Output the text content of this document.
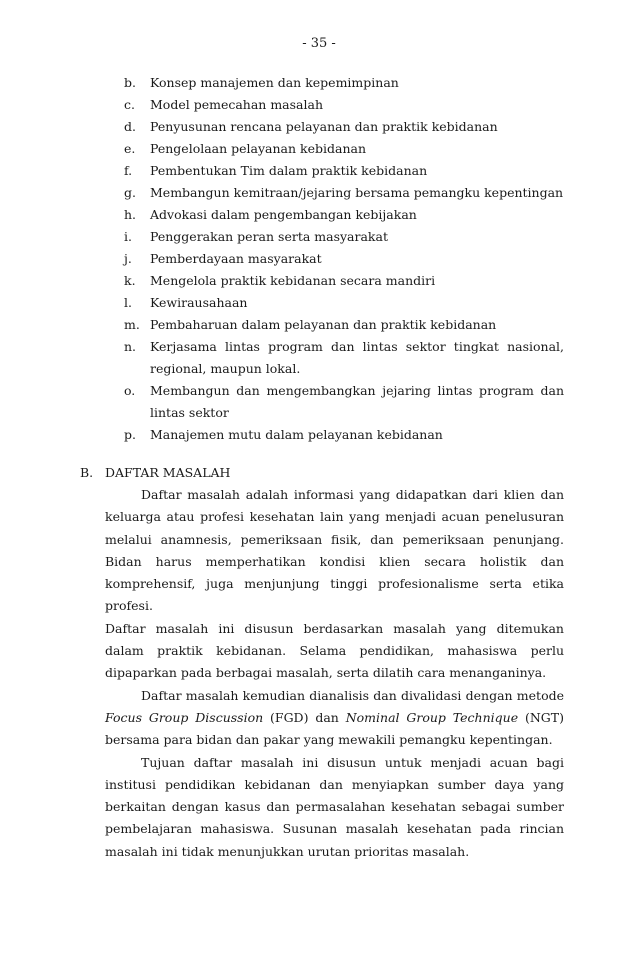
- 35 -
b. Konsep manajemen dan kepemimpinan
c. Model pemecahan masalah
d. Penyusunan rencana pelayanan dan praktik kebidanan
e. Pengelolaan pelayanan kebidanan
f. Pembentukan Tim dalam praktik kebidanan
g. Membangun kemitraan/jejaring bersama pemangku kepentingan
h. Advokasi dalam pengembangan kebijakan
i. Penggerakan peran serta masyarakat
j. Pemberdayaan masyarakat
k. Mengelola praktik kebidanan secara mandiri
l. Kewirausahaan
m. Pembaharuan dalam pelayanan dan praktik kebidanan
n. Kerjasama lintas program dan lintas sektor tingkat nasional, regional, maupun lokal.
o. Membangun dan mengembangkan jejaring lintas program dan lintas sektor
p. Manajemen mutu dalam pelayanan kebidanan
B. DAFTAR MASALAH

Daftar masalah adalah informasi yang didapatkan dari klien dan keluarga atau profesi kesehatan lain yang menjadi acuan penelusuran melalui anamnesis, pemeriksaan fisik, dan pemeriksaan penunjang. Bidan harus memperhatikan kondisi klien secara holistik dan komprehensif, juga menjunjung tinggi profesionalisme serta etika profesi.

Daftar masalah ini disusun berdasarkan masalah yang ditemukan dalam praktik kebidanan. Selama pendidikan, mahasiswa perlu dipaparkan pada berbagai masalah, serta dilatih cara menanganinya.

Daftar masalah kemudian dianalisis dan divalidasi dengan metode Focus Group Discussion (FGD) dan Nominal Group Technique (NGT) bersama para bidan dan pakar yang mewakili pemangku kepentingan.

Tujuan daftar masalah ini disusun untuk menjadi acuan bagi institusi pendidikan kebidanan dan menyiapkan sumber daya yang berkaitan dengan kasus dan permasalahan kesehatan sebagai sumber pembelajaran mahasiswa. Susunan masalah kesehatan pada rincian masalah ini tidak menunjukkan urutan prioritas masalah.
